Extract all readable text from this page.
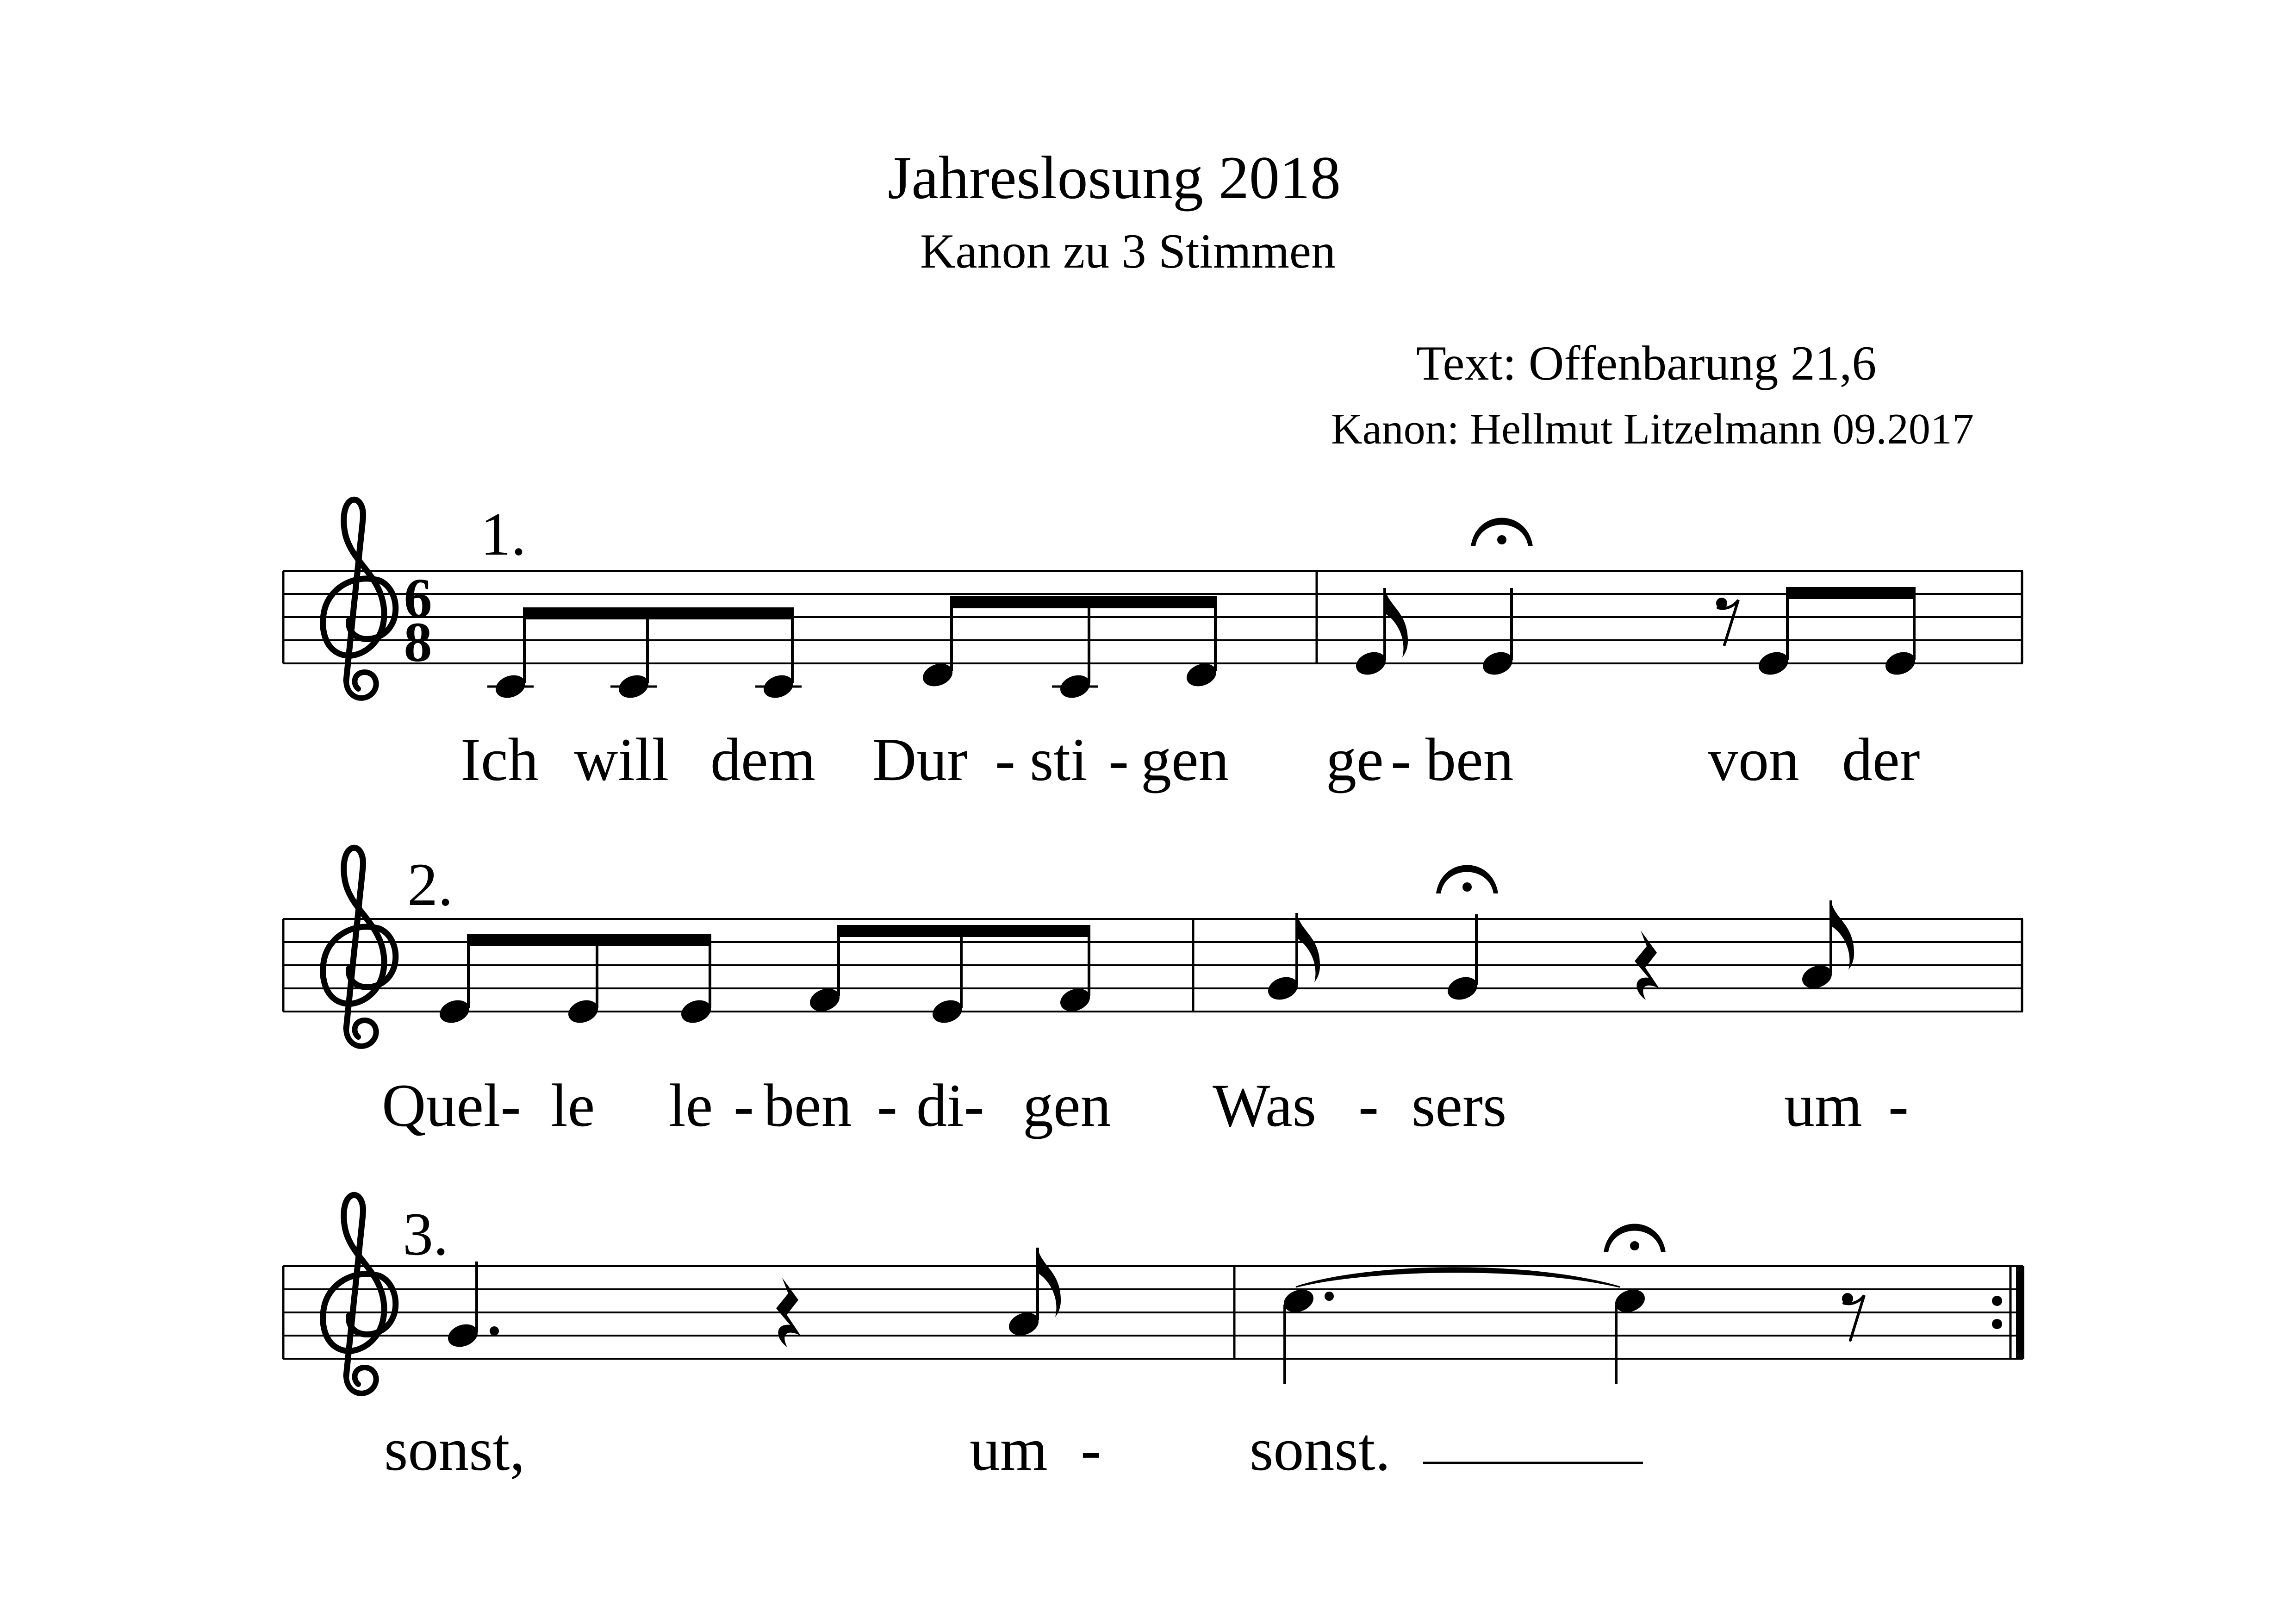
Jahreslosung 2018
Kanon zu 3 Stimmen
Text: Offenbarung 21,6
Kanon: Hellmut Litzelmann 09.2017
1.
2.
3.
Ich will dem Dur - sti - gen ge - ben	von der
Quel- le le - ben - di- gen Was - sers	um -
sonst,	um - sonst.
6
8
